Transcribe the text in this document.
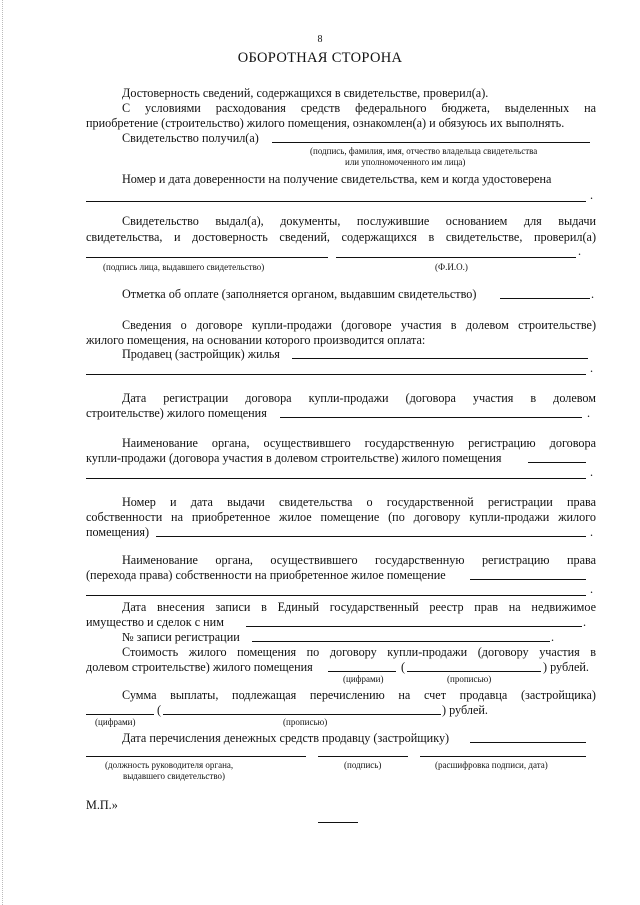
8
ОБОРОТНАЯ СТОРОНА
Достоверность сведений, содержащихся в свидетельстве, проверил(а).
С условиями расходования средств федерального бюджета, выделенных на
приобретение (строительство) жилого помещения, ознакомлен(а) и обязуюсь их выполнять.
Свидетельство получил(а)
(подпись, фамилия, имя, отчество владельца свидетельства
или уполномоченного им лица)
Номер и дата доверенности на получение свидетельства, кем и когда удостоверена
.
Свидетельство выдал(а), документы, послужившие основанием для выдачи
свидетельства, и достоверность сведений, содержащихся в свидетельстве, проверил(а)
.
(подпись лица, выдавшего свидетельство)	(Ф.И.О.)
Отметка об оплате (заполняется органом, выдавшим свидетельство)	.
Сведения о договоре купли-продажи (договоре участия в долевом строительстве)
жилого помещения, на основании которого производится оплата:
Продавец (застройщик) жилья
.
Дата регистрации договора купли-продажи (договора участия в долевом
строительстве) жилого помещения	.
Наименование органа, осуществившего государственную регистрацию договора
купли-продажи (договора участия в долевом строительстве) жилого помещения
.
Номер и дата выдачи свидетельства о государственной регистрации права
собственности на приобретенное жилое помещение (по договору купли-продажи жилого
помещения)	.
Наименование органа, осуществившего государственную регистрацию права
(перехода права) собственности на приобретенное жилое помещение
.
Дата внесения записи в Единый государственный реестр прав на недвижимое
имущество и сделок с ним	.
№ записи регистрации	.
Стоимость жилого помещения по договору купли-продажи (договору участия в
долевом строительстве) жилого помещения	(	) рублей.
(цифрами)	(прописью)
Сумма выплаты, подлежащая перечислению на счет продавца (застройщика)
(	) рублей.
(цифрами)	(прописью)
Дата перечисления денежных средств продавцу (застройщику)
(должность руководителя органа,
выдавшего свидетельство)
(подпись)	(расшифровка подписи, дата)
М.П.»
